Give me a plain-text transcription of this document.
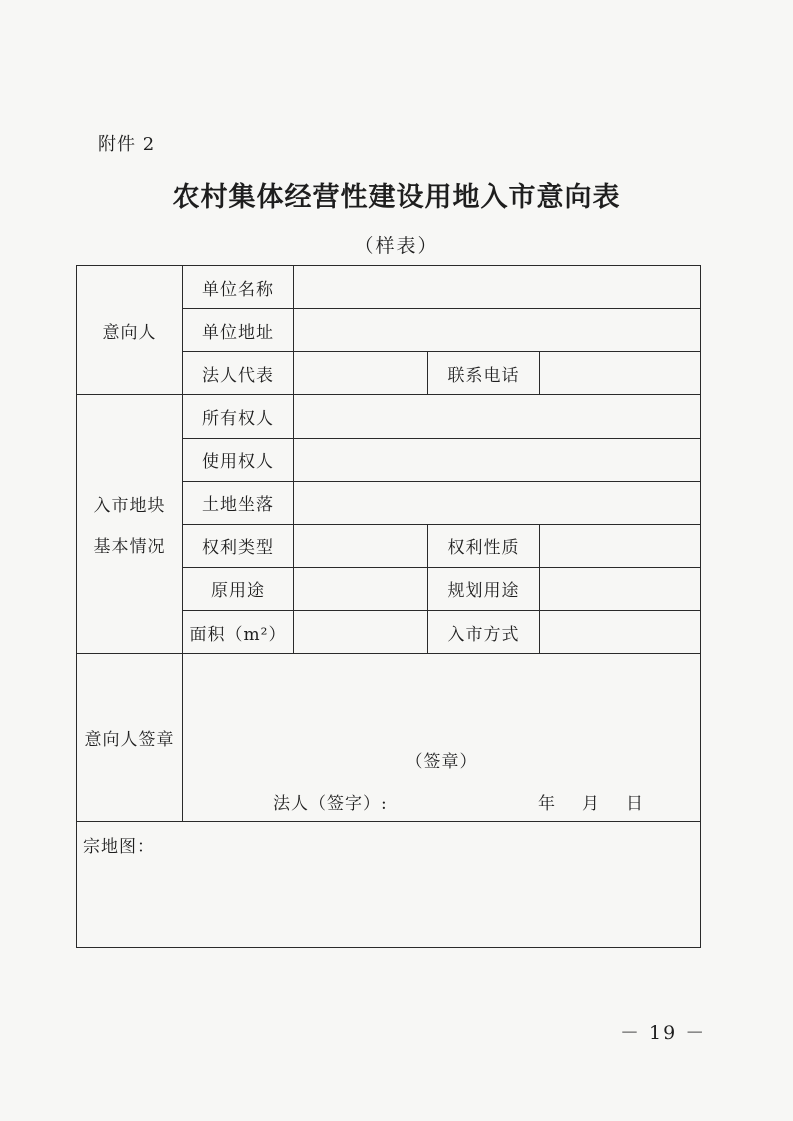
附件 2
农村集体经营性建设用地入市意向表
（样表）
意向人	单位名称			
	单位地址			
	法人代表		联系电话	

入市地块
基本情况	所有权人			
	使用权人			
	土地坐落			
	权利类型		权利性质	
	原用途		规划用途	
	面积（m²）		入市方式	
意向人签章	（签章）
法人（签字）: 年 月 日			

宗地图：				
－ 19 －
